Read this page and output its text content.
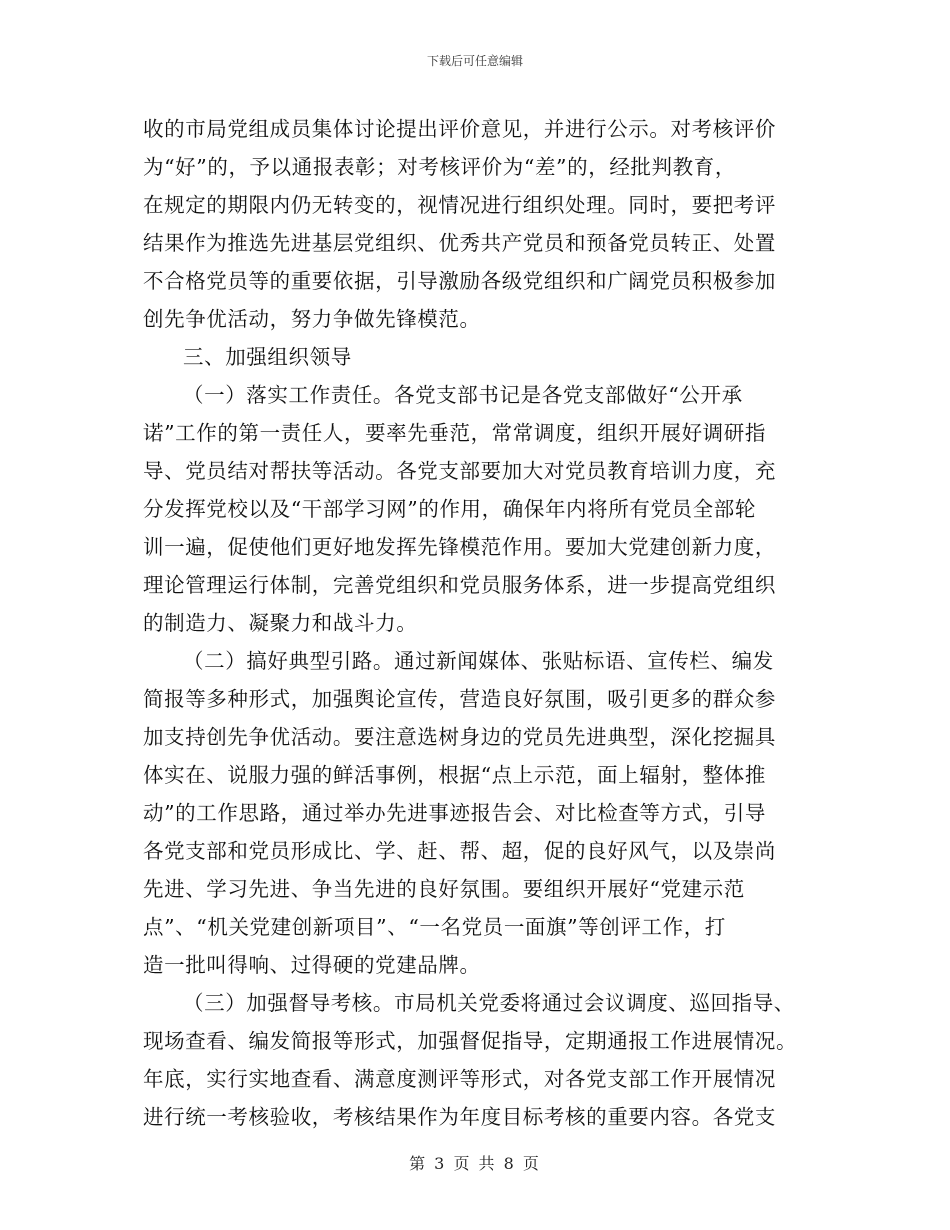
下载后可任意编辑
收的市局党组成员集体讨论提出评价意见，并进行公示。对考核评价
为“好”的，予以通报表彰；对考核评价为“差”的，经批判教育，
在规定的期限内仍无转变的，视情况进行组织处理。同时，要把考评
结果作为推选先进基层党组织、优秀共产党员和预备党员转正、处置
不合格党员等的重要依据，引导激励各级党组织和广阔党员积极参加
创先争优活动，努力争做先锋模范。
三、加强组织领导
（一）落实工作责任。各党支部书记是各党支部做好“公开承
诺”工作的第一责任人，要率先垂范，常常调度，组织开展好调研指
导、党员结对帮扶等活动。各党支部要加大对党员教育培训力度，充
分发挥党校以及“干部学习网”的作用，确保年内将所有党员全部轮
训一遍，促使他们更好地发挥先锋模范作用。要加大党建创新力度，
理论管理运行体制，完善党组织和党员服务体系，进一步提高党组织
的制造力、凝聚力和战斗力。
（二）搞好典型引路。通过新闻媒体、张贴标语、宣传栏、编发
简报等多种形式，加强舆论宣传，营造良好氛围，吸引更多的群众参
加支持创先争优活动。要注意选树身边的党员先进典型，深化挖掘具
体实在、说服力强的鲜活事例，根据“点上示范，面上辐射，整体推
动”的工作思路，通过举办先进事迹报告会、对比检查等方式，引导
各党支部和党员形成比、学、赶、帮、超，促的良好风气，以及崇尚
先进、学习先进、争当先进的良好氛围。要组织开展好“党建示范
点”、“机关党建创新项目”、“一名党员一面旗”等创评工作，打
造一批叫得响、过得硬的党建品牌。
（三）加强督导考核。市局机关党委将通过会议调度、巡回指导、
现场查看、编发简报等形式，加强督促指导，定期通报工作进展情况。
年底，实行实地查看、满意度测评等形式，对各党支部工作开展情况
进行统一考核验收，考核结果作为年度目标考核的重要内容。各党支
第 3 页 共 8 页
